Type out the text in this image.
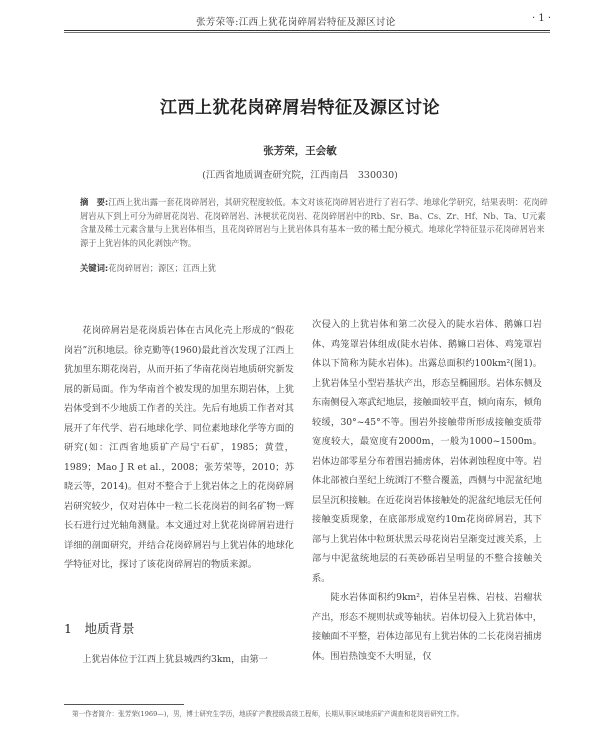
张芳荣等:江西上犹花岗碎屑岩特征及源区讨论	· 1 ·
江西上犹花岗碎屑岩特征及源区讨论
张芳荣，王会敏
(江西省地质调查研究院，江西南昌　330030)
摘　要:江西上犹出露一套花岗碎屑岩，其研究程度较低。本文对该花岗碎屑岩进行了岩石学、地球化学研究，结果表明：花岗碎屑岩从下到上可分为碎屑花岗岩、花岗碎屑岩、沐梗状花岗岩、花岗碎屑岩中的Rb、Sr、Ba、Cs、Zr、Hf、Nb、Ta、U元素含量及稀土元素含量与上犹岩体相当，且花岗碎屑岩与上犹岩体具有基本一致的稀土配分模式。地球化学特征显示花岗碎屑岩来源于上犹岩体的风化剥蚀产物。
关键词:花岗碎屑岩；源区；江西上犹

花岗碎屑岩是花岗质岩体在古风化壳上形成的“假花岗岩”沉积地层。徐克勤等(1960)最此首次发现了江西上犹加里东期花岗岩，从而开拓了华南花岗岩地质研究新发展的新局面。作为华南首个被发现的加里东期岩体，上犹岩体受到不少地质工作者的关注。先后有地质工作者对其展开了年代学、岩石地球化学、同位素地球化学等方面的研究(如：江西省地质矿产局宁石矿，1985；黄萱，1989；Mao J R et al.，2008；张芳荣等，2010；苏晓云等，2014)。但对不整合于上犹岩体之上的花岗碎屑岩研究较少，仅对岩体中一粒二长花岗岩的间名矿物一辉长石进行过光轴角测量。本文通过对上犹花岗碎屑岩进行详细的剖面研究，并结合花岗碎屑岩与上犹岩体的地球化学特征对比，探讨了该花岗碎屑岩的物质来源。

1　地质背景

上犹岩体位于江西上犹县城西约3km，由第一

次侵入的上犹岩体和第二次侵入的陡水岩体、鹅嫲口岩体、鸡笼罩岩体组成(陡水岩体、鹅嫲口岩体、鸡笼罩岩体以下简称为陡水岩体)。出露总面积约100km²(图1)。上犹岩体呈小型岩基状产出，形态呈椭圆形。岩体东侧及东南侧侵入寒武纪地层，接触面较平直，倾向南东，倾角较缓，30°~45°不等。围岩外接触带所形成接触变质带宽度较大，最宽度有2000m，一般为1000~1500m。岩体边部零星分布着围岩捕虏体，岩体剥蚀程度中等。岩体北部被白垩纪上统浏汀不整合覆盖，西侧与中泥盆纪地层呈沉积接触。在近花岗岩体接触处的泥盆纪地层无任何接触变质现象，在底部形成宽约10m花岗碎屑岩，其下部与上犹岩体中粒斑状黑云母花岗岩呈渐变过渡关系，上部与中泥盆统地层的石英砂砾岩呈明显的不整合接触关系。

陡水岩体面积约9km²，岩体呈岩株、岩枝、岩瘤状产出，形态不规则状或等轴状。岩体切侵入上犹岩体中，接触面不平整，岩体边部见有上犹岩体的二长花岗岩捕虏体。围岩热蚀变不大明显，仅

第一作者简介：张芳荣(1969—)，男，博士研究生学历，地质矿产教授级高级工程师，长期从事区域地质矿产调查和花岗岩研究工作。
